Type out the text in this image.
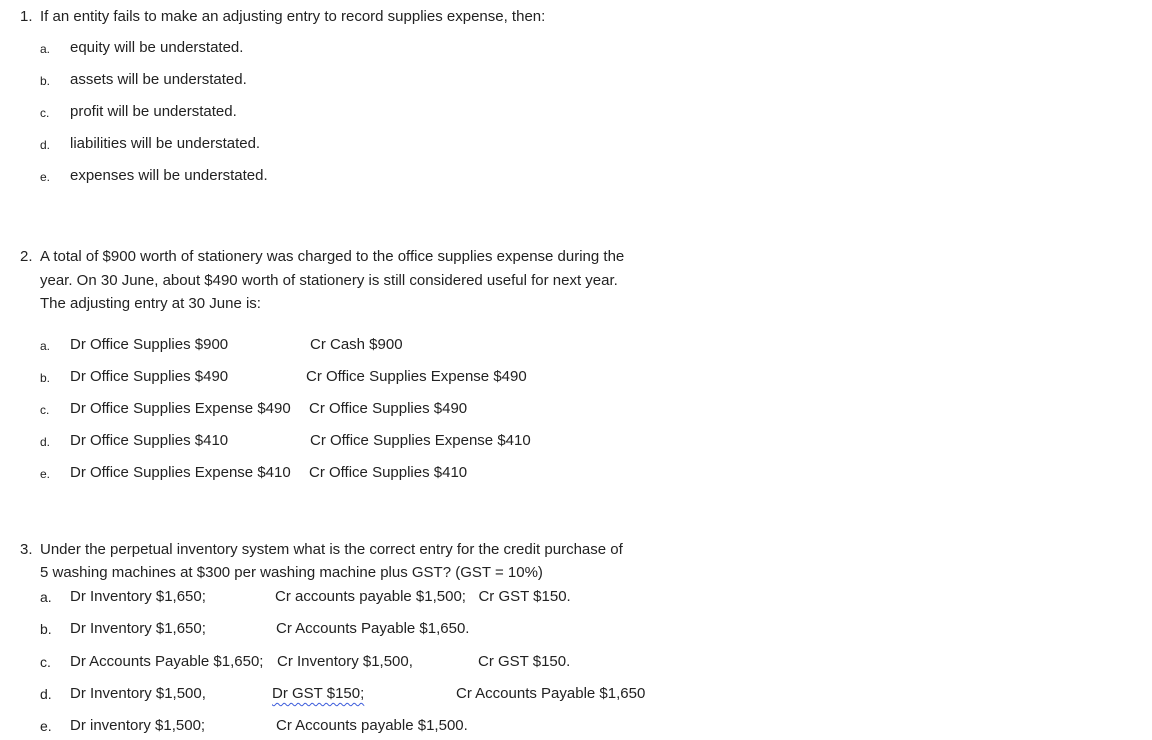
1. If an entity fails to make an adjusting entry to record supplies expense, then:
a. equity will be understated.
b. assets will be understated.
c. profit will be understated.
d. liabilities will be understated.
e. expenses will be understated.
2. A total of $900 worth of stationery was charged to the office supplies expense during the
year. On 30 June, about $490 worth of stationery is still considered useful for next year.
The adjusting entry at 30 June is:
a. Dr Office Supplies $900	Cr Cash $900
b. Dr Office Supplies $490	Cr Office Supplies Expense $490
c. Dr Office Supplies Expense $490 Cr Office Supplies $490
d. Dr Office Supplies $410	Cr Office Supplies Expense $410
e. Dr Office Supplies Expense $410 Cr Office Supplies $410
3. Under the perpetual inventory system what is the correct entry for the credit purchase of
5 washing machines at $300 per washing machine plus GST? (GST = 10%)
a. Dr Inventory $1,650;	Cr accounts payable $1,500;   Cr GST $150.
b. Dr Inventory $1,650;	Cr Accounts Payable $1,650.
c. Dr Accounts Payable $1,650; Cr Inventory $1,500,	Cr GST $150.
d. Dr Inventory $1,500,	Dr GST $150;	Cr Accounts Payable $1,650
e. Dr inventory $1,500;	Cr Accounts payable $1,500.
